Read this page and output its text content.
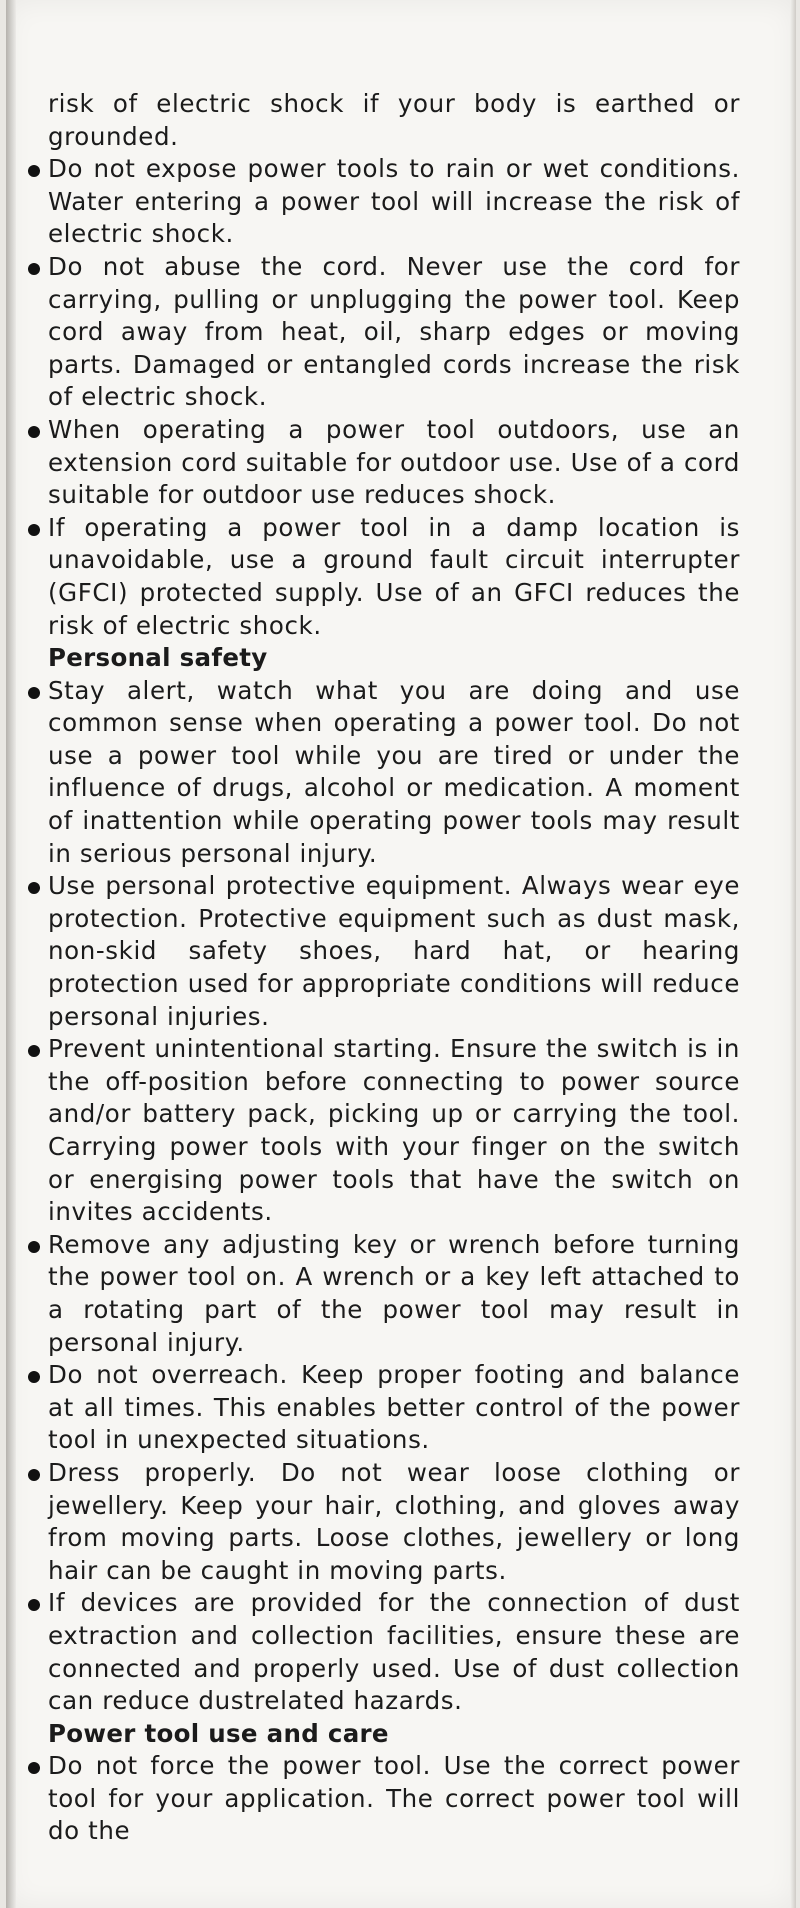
risk of electric shock if your body is earthed or grounded.
Do not expose power tools to rain or wet conditions. Water entering a power tool will increase the risk of electric shock.
Do not abuse the cord. Never use the cord for carrying, pulling or unplugging the power tool. Keep cord away from heat, oil, sharp edges or moving parts. Damaged or entangled cords increase the risk of electric shock.
When operating a power tool outdoors, use an extension cord suitable for outdoor use. Use of a cord suitable for outdoor use reduces shock.
If operating a power tool in a damp location is unavoidable, use a ground fault circuit interrupter (GFCI) protected supply. Use of an GFCI reduces the risk of electric shock.
Personal safety
Stay alert, watch what you are doing and use common sense when operating a power tool. Do not use a power tool while you are tired or under the influence of drugs, alcohol or medication. A moment of inattention while operating power tools may result in serious personal injury.
Use personal protective equipment. Always wear eye protection. Protective equipment such as dust mask, non-skid safety shoes, hard hat, or hearing protection used for appropriate conditions will reduce personal injuries.
Prevent unintentional starting. Ensure the switch is in the off-position before connecting to power source and/or battery pack, picking up or carrying the tool. Carrying power tools with your finger on the switch or energising power tools that have the switch on invites accidents.
Remove any adjusting key or wrench before turning the power tool on. A wrench or a key left attached to a rotating part of the power tool may result in personal injury.
Do not overreach. Keep proper footing and balance at all times. This enables better control of the power tool in unexpected situations.
Dress properly. Do not wear loose clothing or jewellery. Keep your hair, clothing, and gloves away from moving parts. Loose clothes, jewellery or long hair can be caught in moving parts.
If devices are provided for the connection of dust extraction and collection facilities, ensure these are connected and properly used. Use of dust collection can reduce dustrelated hazards.
Power tool use and care
Do not force the power tool. Use the correct power tool for your application. The correct power tool will do the
